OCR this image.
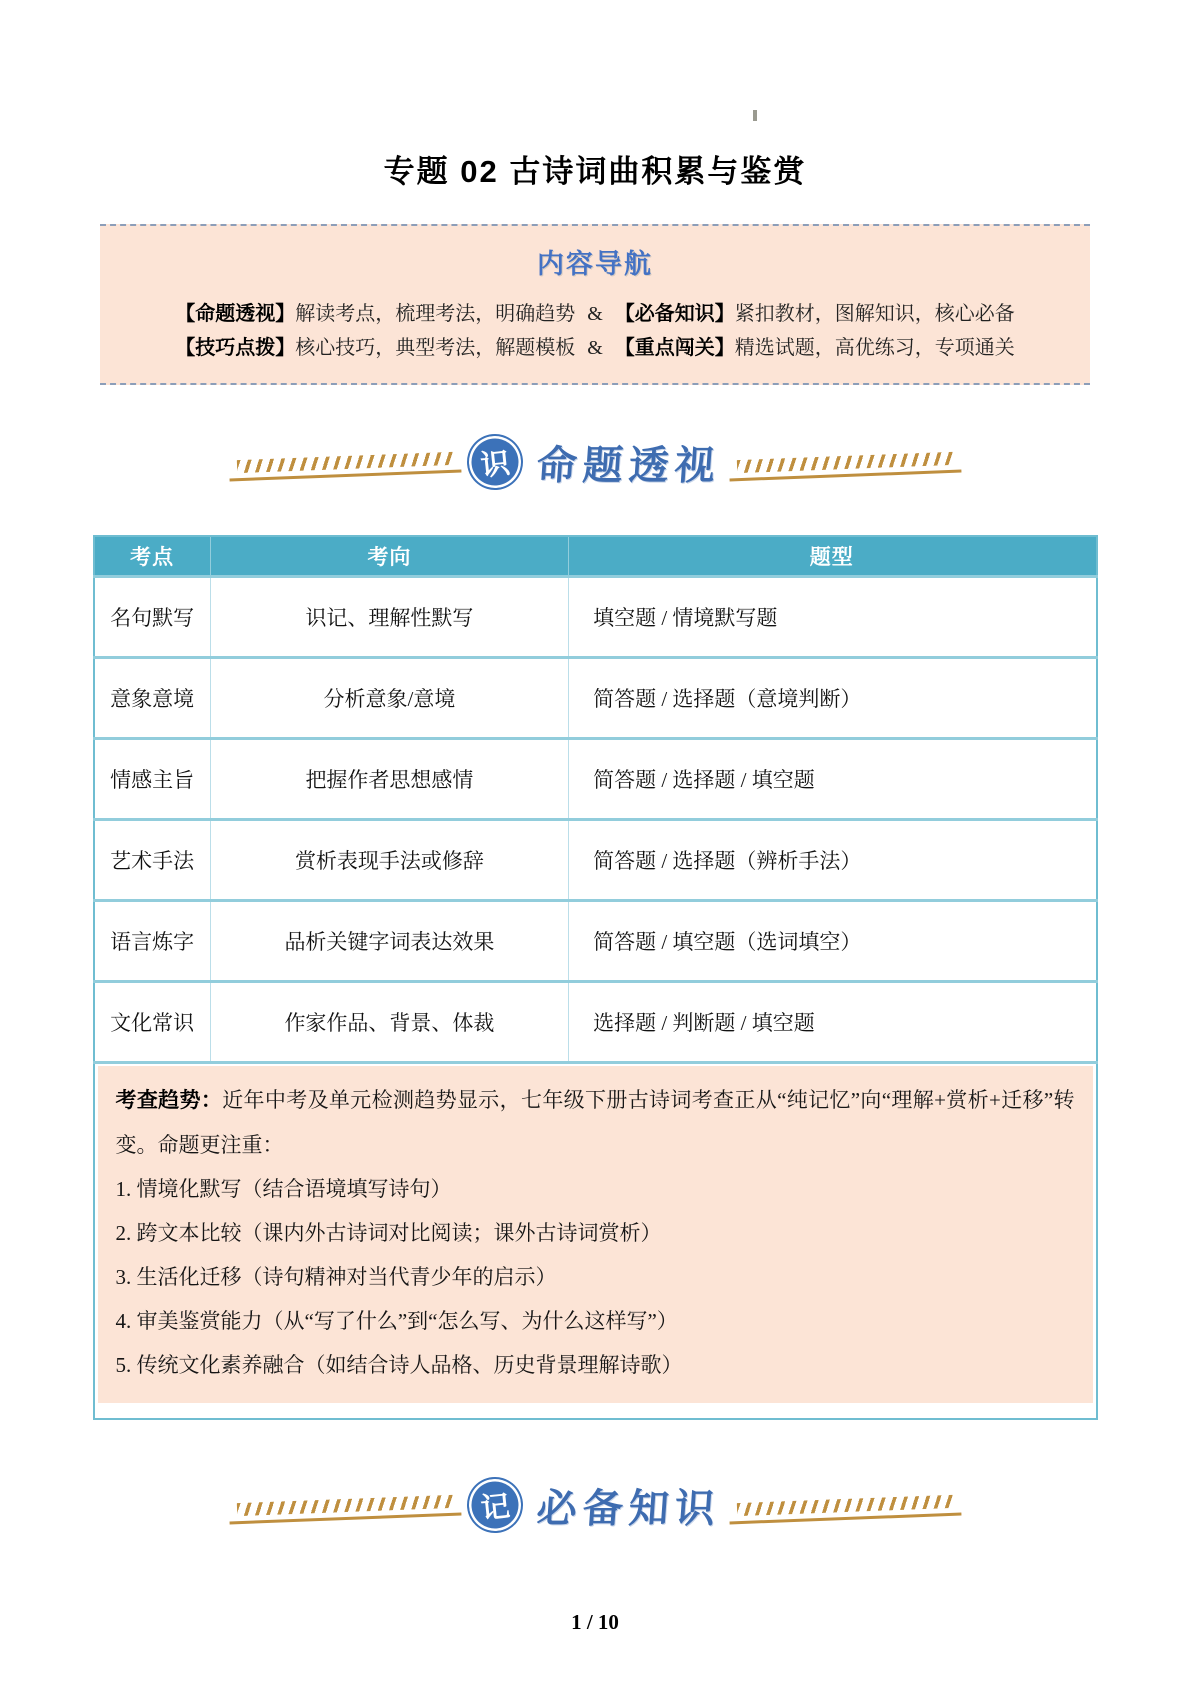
专题 02 古诗词曲积累与鉴赏
内容导航
【命题透视】解读考点，梳理考法，明确趋势 & 【必备知识】紧扣教材，图解知识，核心必备
【技巧点拨】核心技巧，典型考法，解题模板 & 【重点闯关】精选试题，高优练习，专项通关
识 命题透视
考点	考向	题型
名句默写	识记、理解性默写	填空题 / 情境默写题
意象意境	分析意象/意境	简答题 / 选择题（意境判断）
情感主旨	把握作者思想感情	简答题 / 选择题 / 填空题
艺术手法	赏析表现手法或修辞	简答题 / 选择题（辨析手法）
语言炼字	品析关键字词表达效果	简答题 / 填空题（选词填空）
文化常识	作家作品、背景、体裁	选择题 / 判断题 / 填空题

考查趋势：近年中考及单元检测趋势显示，七年级下册古诗词考查正从“纯记忆”向“理解+赏析+迁移”转变。命题更注重：

1. 情境化默写（结合语境填写诗句）
2. 跨文本比较（课内外古诗词对比阅读；课外古诗词赏析）
3. 生活化迁移（诗句精神对当代青少年的启示）
4. 审美鉴赏能力（从“写了什么”到“怎么写、为什么这样写”）
5. 传统文化素养融合（如结合诗人品格、历史背景理解诗歌）
记 必备知识
1 / 10
